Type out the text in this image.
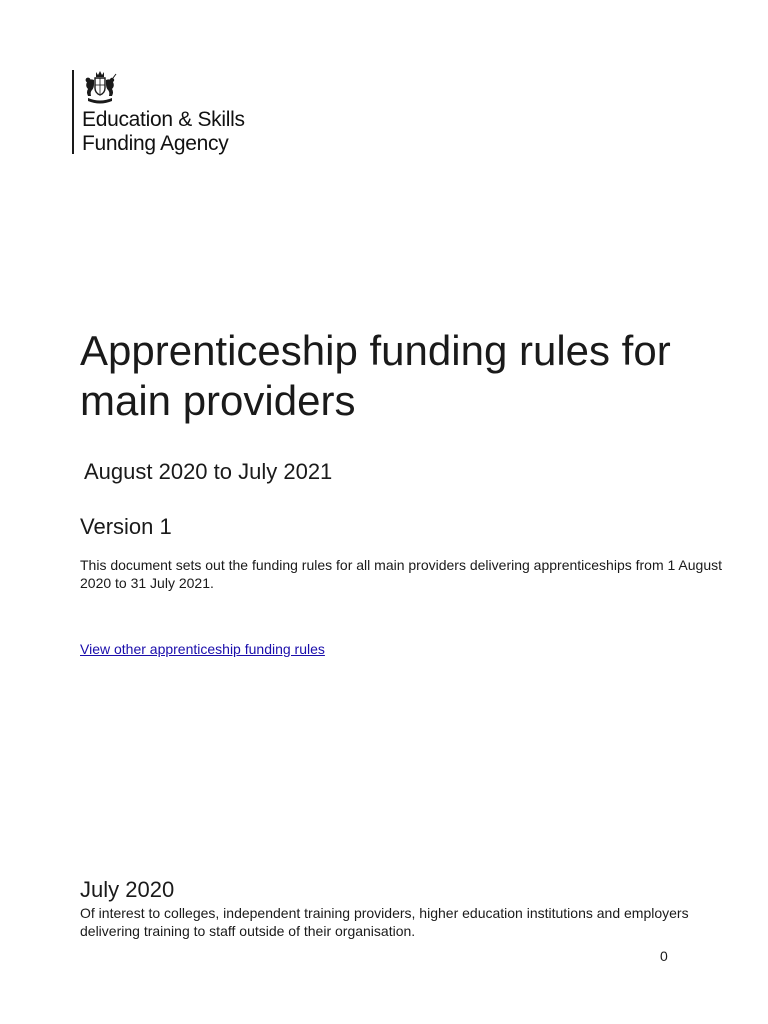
Education & Skills
Funding Agency
Apprenticeship funding rules for main providers
August 2020 to July 2021
Version 1

This document sets out the funding rules for all main providers delivering apprenticeships from 1 August 2020 to 31 July 2021.

View other apprenticeship funding rules
July 2020

Of interest to colleges, independent training providers, higher education institutions and employers delivering training to staff outside of their organisation.

0
